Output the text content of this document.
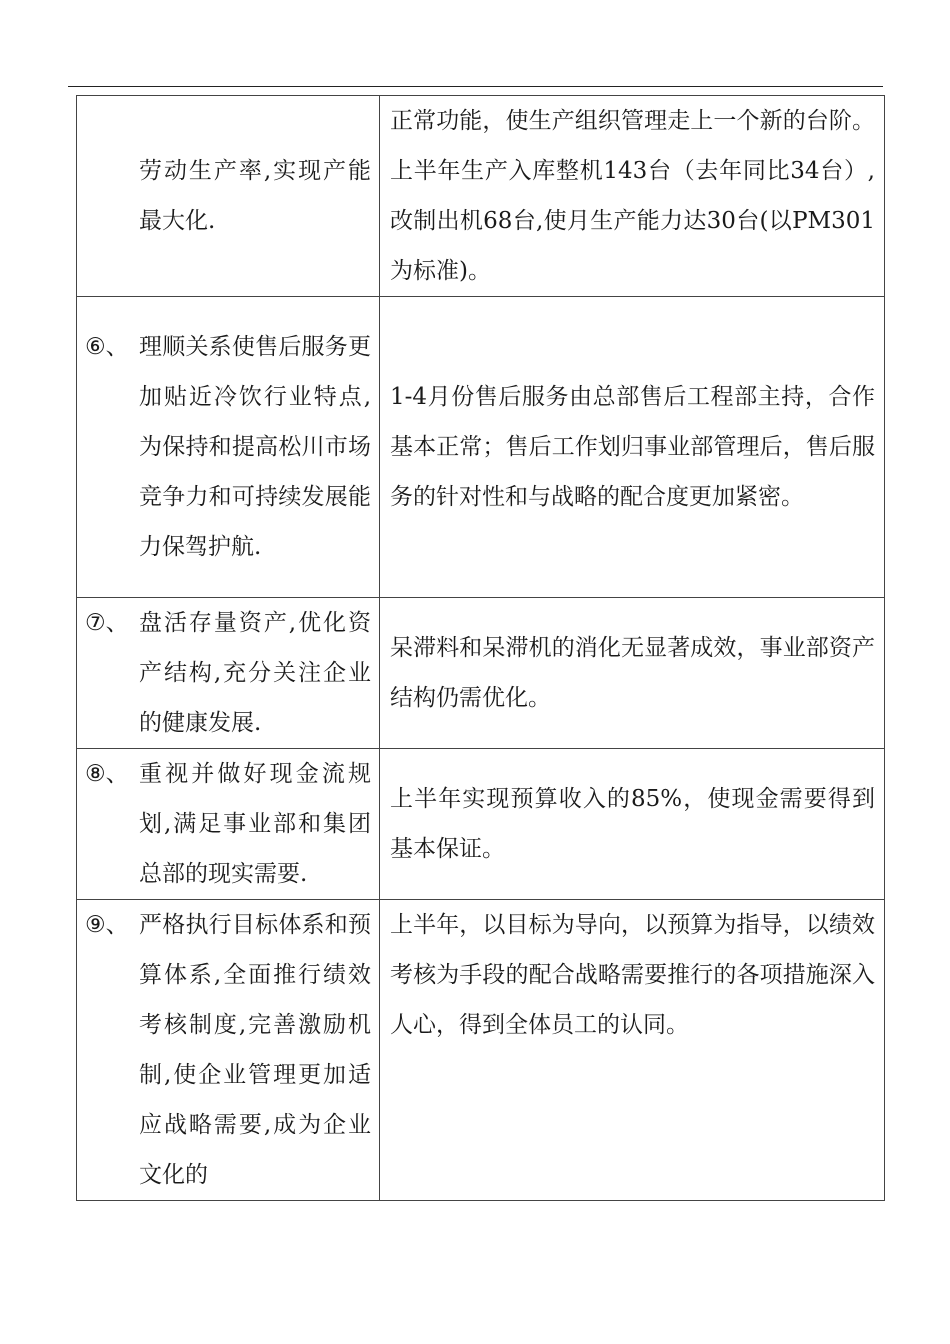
劳动生产率,实现产能最大化.	正常功能，使生产组织管理走上一个新的台阶。上半年生产入库整机143台（去年同比34台）,改制出机68台,使月生产能力达30台(以PM301为标准)。

⑥、 理顺关系使售后服务更加贴近冷饮行业特点,为保持和提高松川市场竞争力和可持续发展能力保驾护航.	1-4月份售后服务由总部售后工程部主持，合作基本正常；售后工作划归事业部管理后，售后服务的针对性和与战略的配合度更加紧密。

⑦、 盘活存量资产,优化资产结构,充分关注企业的健康发展.	呆滞料和呆滞机的消化无显著成效，事业部资产结构仍需优化。

⑧、 重视并做好现金流规划,满足事业部和集团总部的现实需要.	上半年实现预算收入的85%，使现金需要得到基本保证。

⑨、 严格执行目标体系和预算体系,全面推行绩效考核制度,完善激励机制,使企业管理更加适应战略需要,成为企业文化的	上半年，以目标为导向，以预算为指导，以绩效考核为手段的配合战略需要推行的各项措施深入人心，得到全体员工的认同。
